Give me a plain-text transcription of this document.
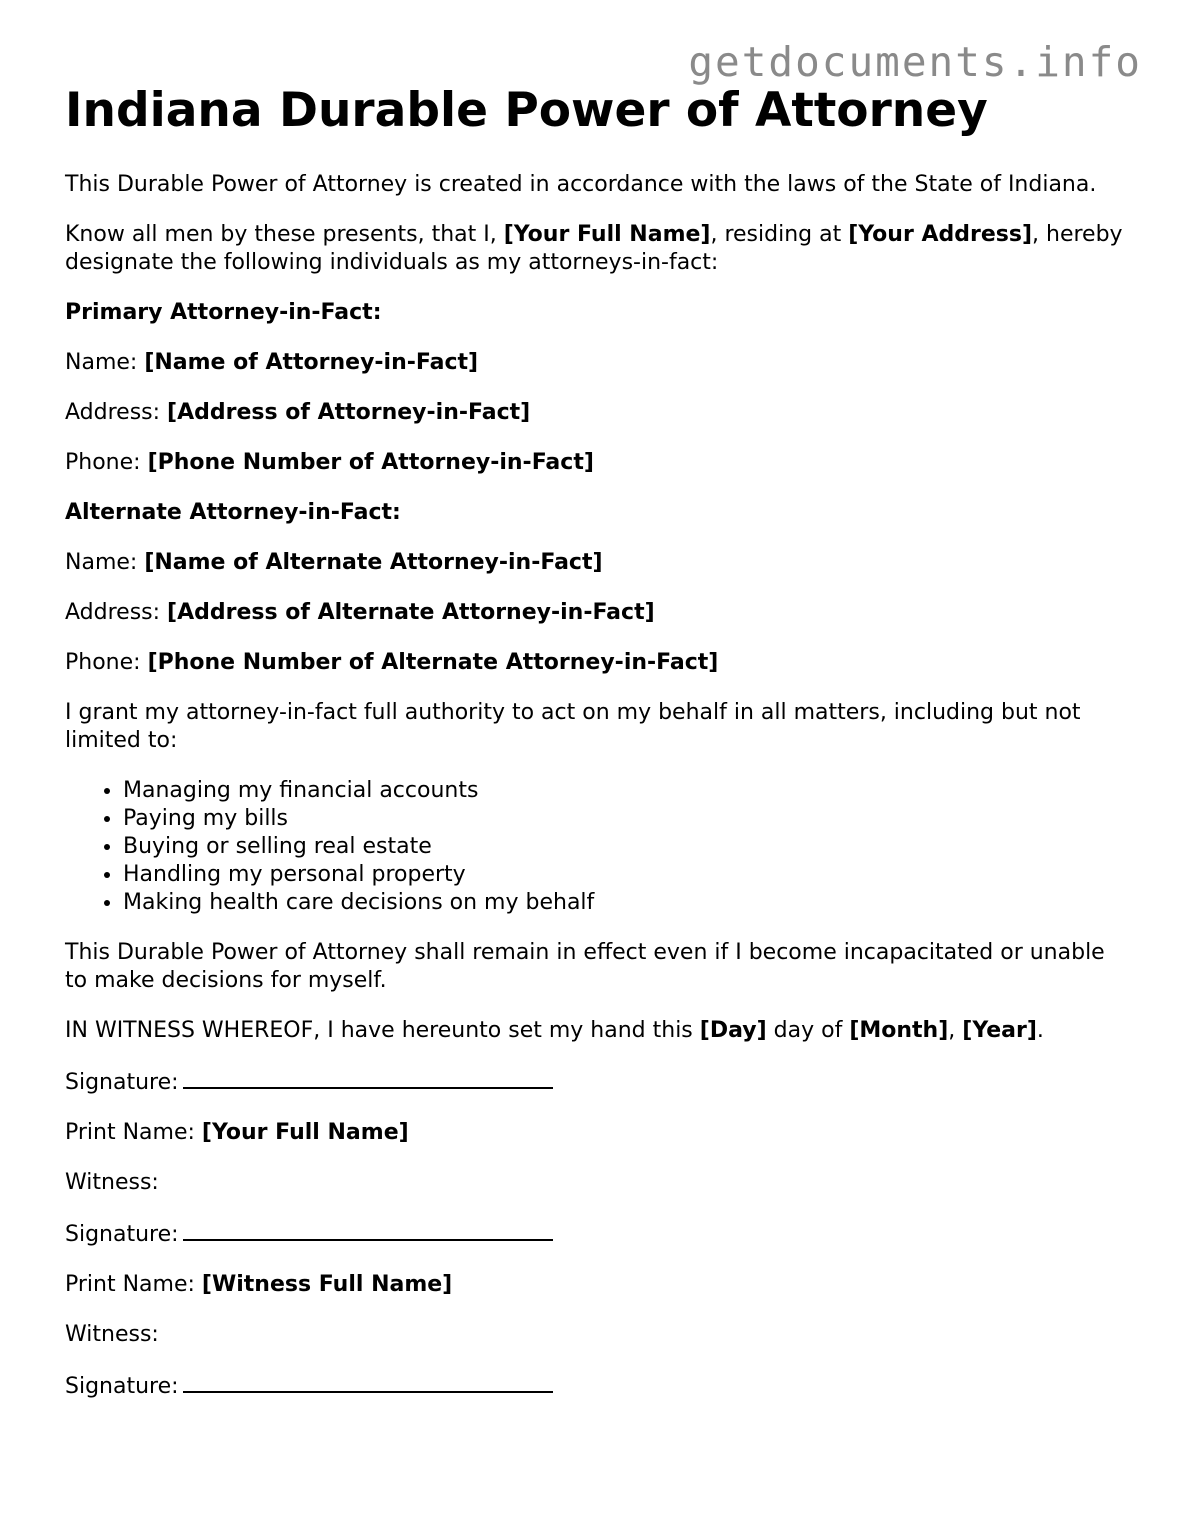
getdocuments.info
Indiana Durable Power of Attorney

This Durable Power of Attorney is created in accordance with the laws of the State of Indiana.

Know all men by these presents, that I, [Your Full Name], residing at [Your Address], hereby designate the following individuals as my attorneys-in-fact:

Primary Attorney-in-Fact:

Name: [Name of Attorney-in-Fact]

Address: [Address of Attorney-in-Fact]

Phone: [Phone Number of Attorney-in-Fact]

Alternate Attorney-in-Fact:

Name: [Name of Alternate Attorney-in-Fact]

Address: [Address of Alternate Attorney-in-Fact]

Phone: [Phone Number of Alternate Attorney-in-Fact]

I grant my attorney-in-fact full authority to act on my behalf in all matters, including but not limited to:

• Managing my financial accounts
• Paying my bills
• Buying or selling real estate
• Handling my personal property
• Making health care decisions on my behalf

This Durable Power of Attorney shall remain in effect even if I become incapacitated or unable to make decisions for myself.

IN WITNESS WHEREOF, I have hereunto set my hand this [Day] day of [Month], [Year].

Signature:

Print Name: [Your Full Name]

Witness:

Signature:

Print Name: [Witness Full Name]

Witness:

Signature:
